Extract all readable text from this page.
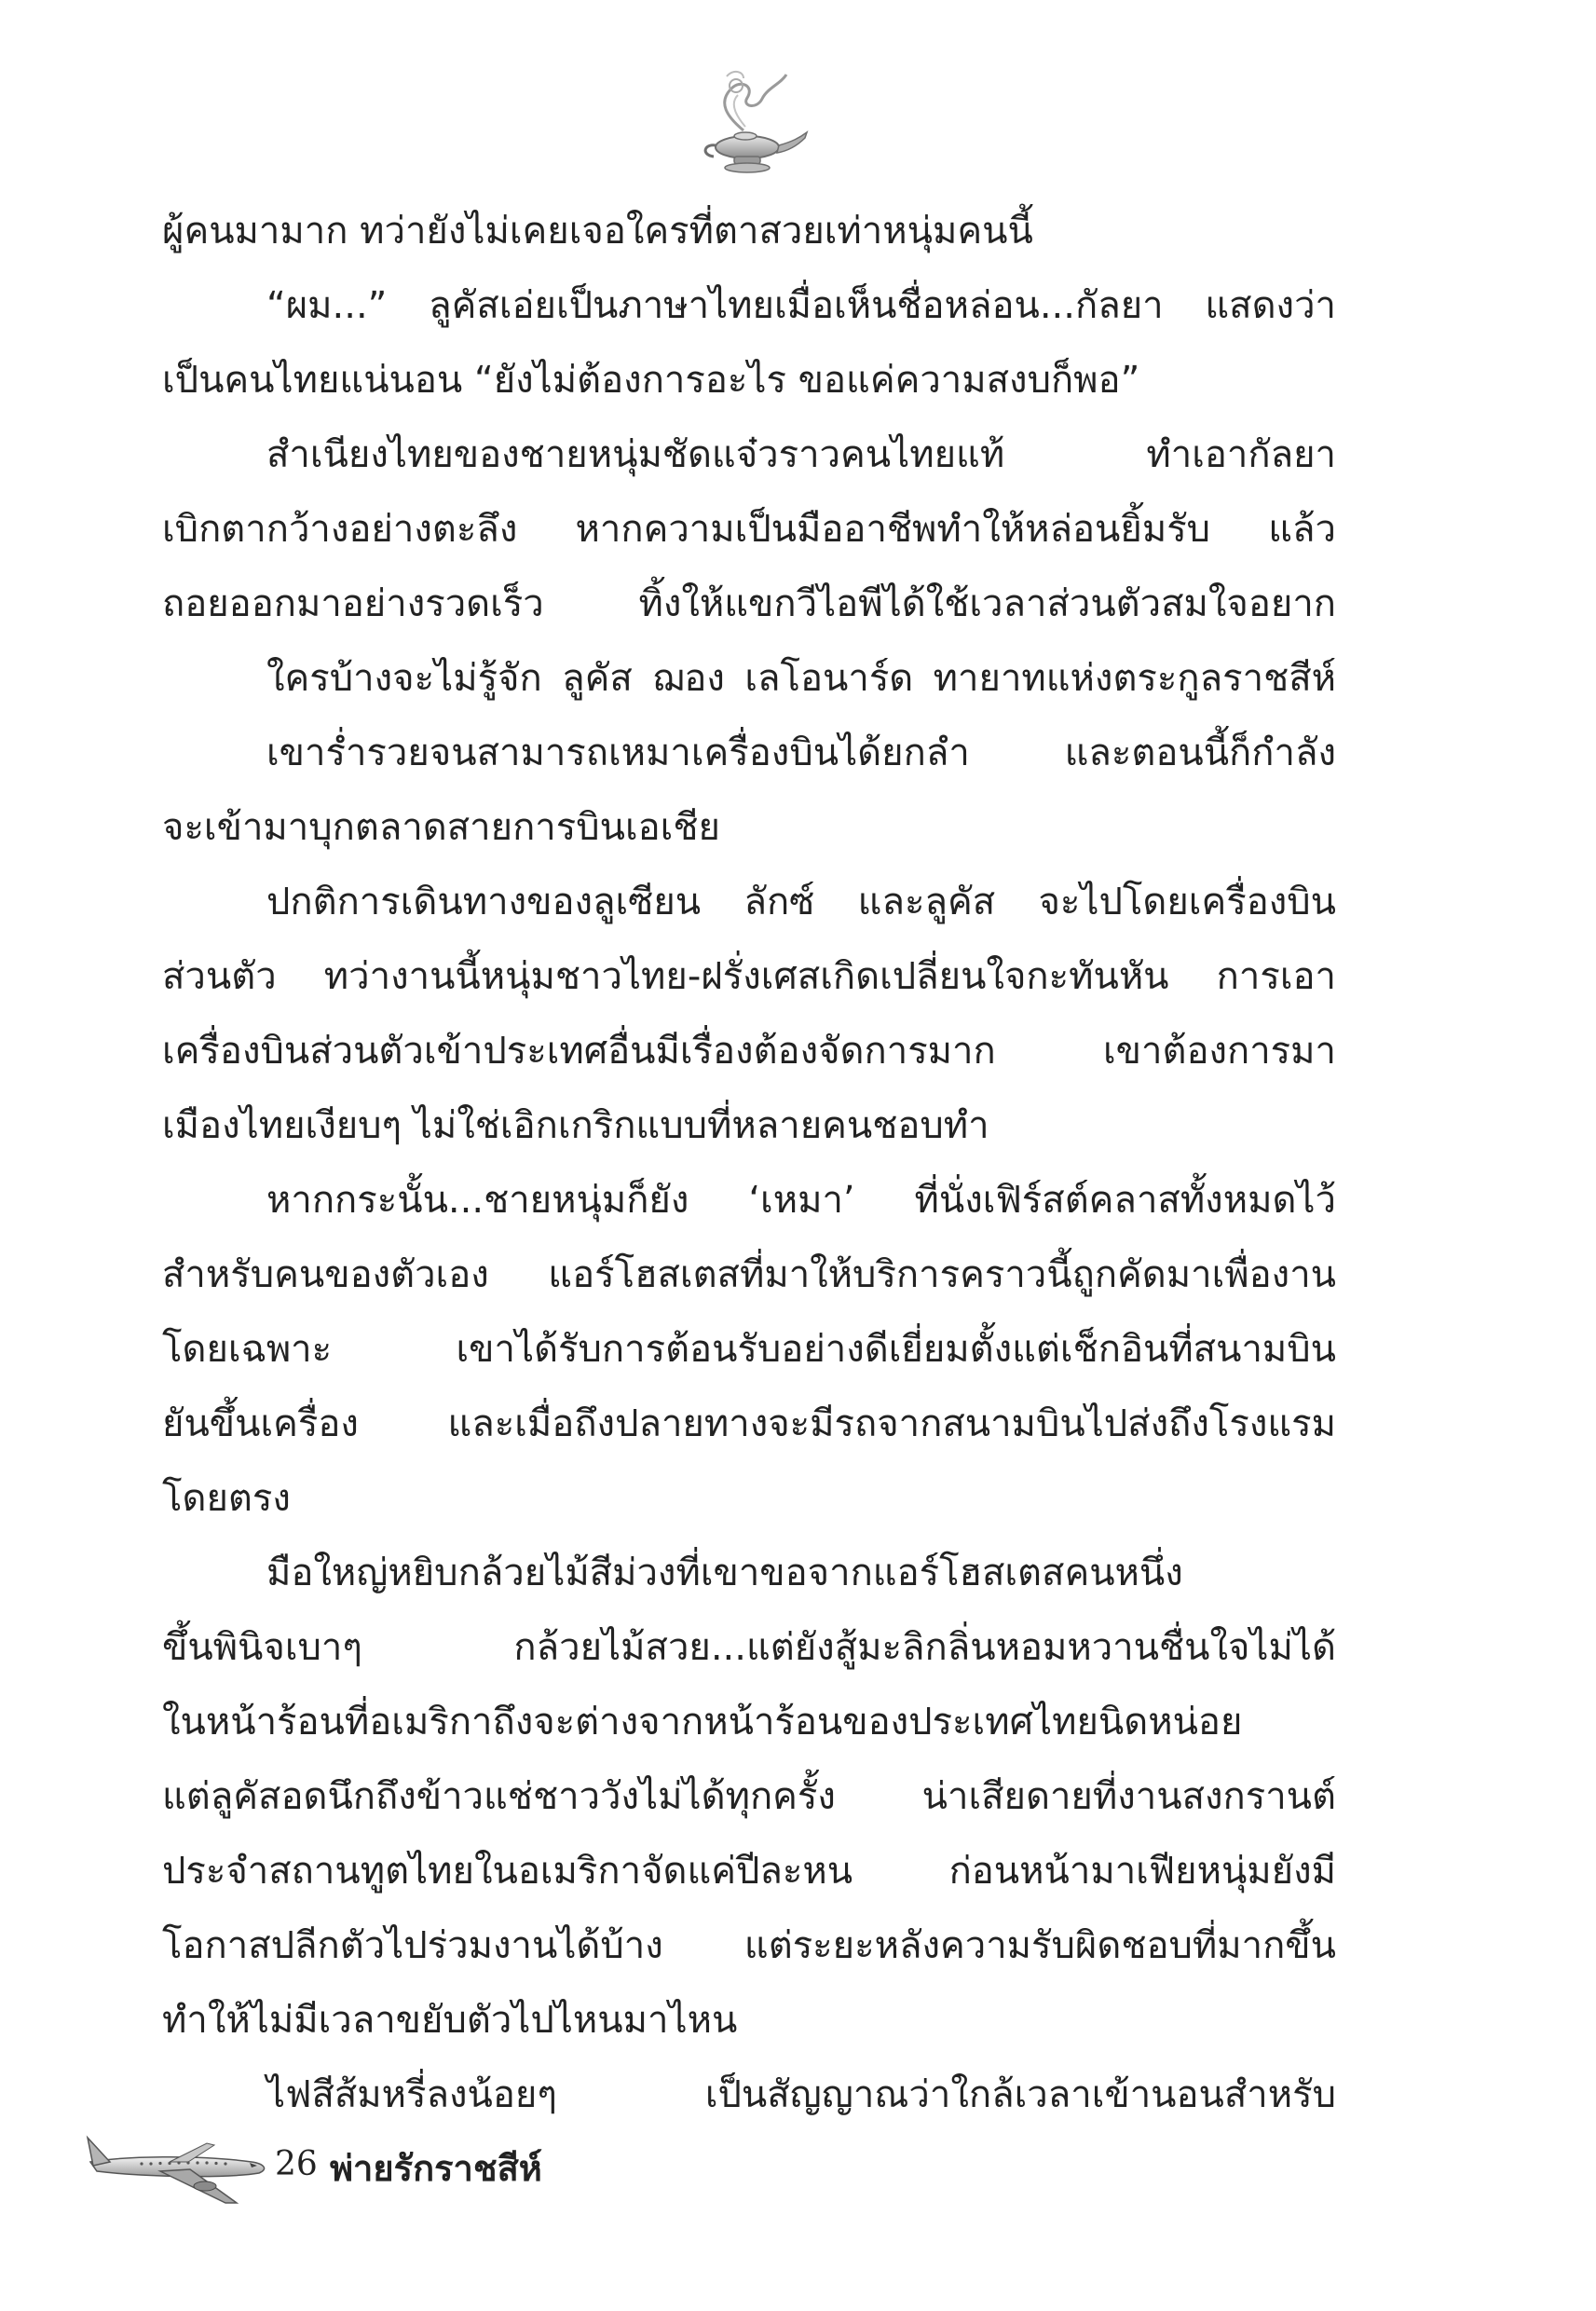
ผู้คนมามาก ทว่ายังไม่เคยเจอใครที่ตาสวยเท่าหนุ่มคนนี้
“ผม...” ลูคัสเอ่ยเป็นภาษาไทยเมื่อเห็นชื่อหล่อน...กัลยา แสดงว่า
เป็นคนไทยแน่นอน “ยังไม่ต้องการอะไร ขอแค่ความสงบก็พอ”
สำเนียงไทยของชายหนุ่มชัดแจ๋วราวคนไทยแท้ ทำเอากัลยา
เบิกตากว้างอย่างตะลึง หากความเป็นมืออาชีพทำให้หล่อนยิ้มรับ แล้ว
ถอยออกมาอย่างรวดเร็ว ทิ้งให้แขกวีไอพีได้ใช้เวลาส่วนตัวสมใจอยาก
ใครบ้างจะไม่รู้จัก ลูคัส ฌอง เลโอนาร์ด ทายาทแห่งตระกูลราชสีห์
เขาร่ำรวยจนสามารถเหมาเครื่องบินได้ยกลำ และตอนนี้ก็กำลัง
จะเข้ามาบุกตลาดสายการบินเอเชีย
ปกติการเดินทางของลูเซียน ลักซ์ และลูคัส จะไปโดยเครื่องบิน
ส่วนตัว ทว่างานนี้หนุ่มชาวไทย-ฝรั่งเศสเกิดเปลี่ยนใจกะทันหัน การเอา
เครื่องบินส่วนตัวเข้าประเทศอื่นมีเรื่องต้องจัดการมาก เขาต้องการมา
เมืองไทยเงียบๆ ไม่ใช่เอิกเกริกแบบที่หลายคนชอบทำ
หากกระนั้น...ชายหนุ่มก็ยัง ‘เหมา’ ที่นั่งเฟิร์สต์คลาสทั้งหมดไว้
สำหรับคนของตัวเอง แอร์โฮสเตสที่มาให้บริการคราวนี้ถูกคัดมาเพื่องาน
โดยเฉพาะ เขาได้รับการต้อนรับอย่างดีเยี่ยมตั้งแต่เช็กอินที่สนามบิน
ยันขึ้นเครื่อง และเมื่อถึงปลายทางจะมีรถจากสนามบินไปส่งถึงโรงแรม
โดยตรง
มือใหญ่หยิบกล้วยไม้สีม่วงที่เขาขอจากแอร์โฮสเตสคนหนึ่ง
ขึ้นพินิจเบาๆ กล้วยไม้สวย...แต่ยังสู้มะลิกลิ่นหอมหวานชื่นใจไม่ได้
ในหน้าร้อนที่อเมริกาถึงจะต่างจากหน้าร้อนของประเทศไทยนิดหน่อย
แต่ลูคัสอดนึกถึงข้าวแช่ชาววังไม่ได้ทุกครั้ง น่าเสียดายที่งานสงกรานต์
ประจำสถานทูตไทยในอเมริกาจัดแค่ปีละหน ก่อนหน้ามาเฟียหนุ่มยังมี
โอกาสปลีกตัวไปร่วมงานได้บ้าง แต่ระยะหลังความรับผิดชอบที่มากขึ้น
ทำให้ไม่มีเวลาขยับตัวไปไหนมาไหน
ไฟสีส้มหรี่ลงน้อยๆ เป็นสัญญาณว่าใกล้เวลาเข้านอนสำหรับ
26 พ่ายรักราชสีห์
